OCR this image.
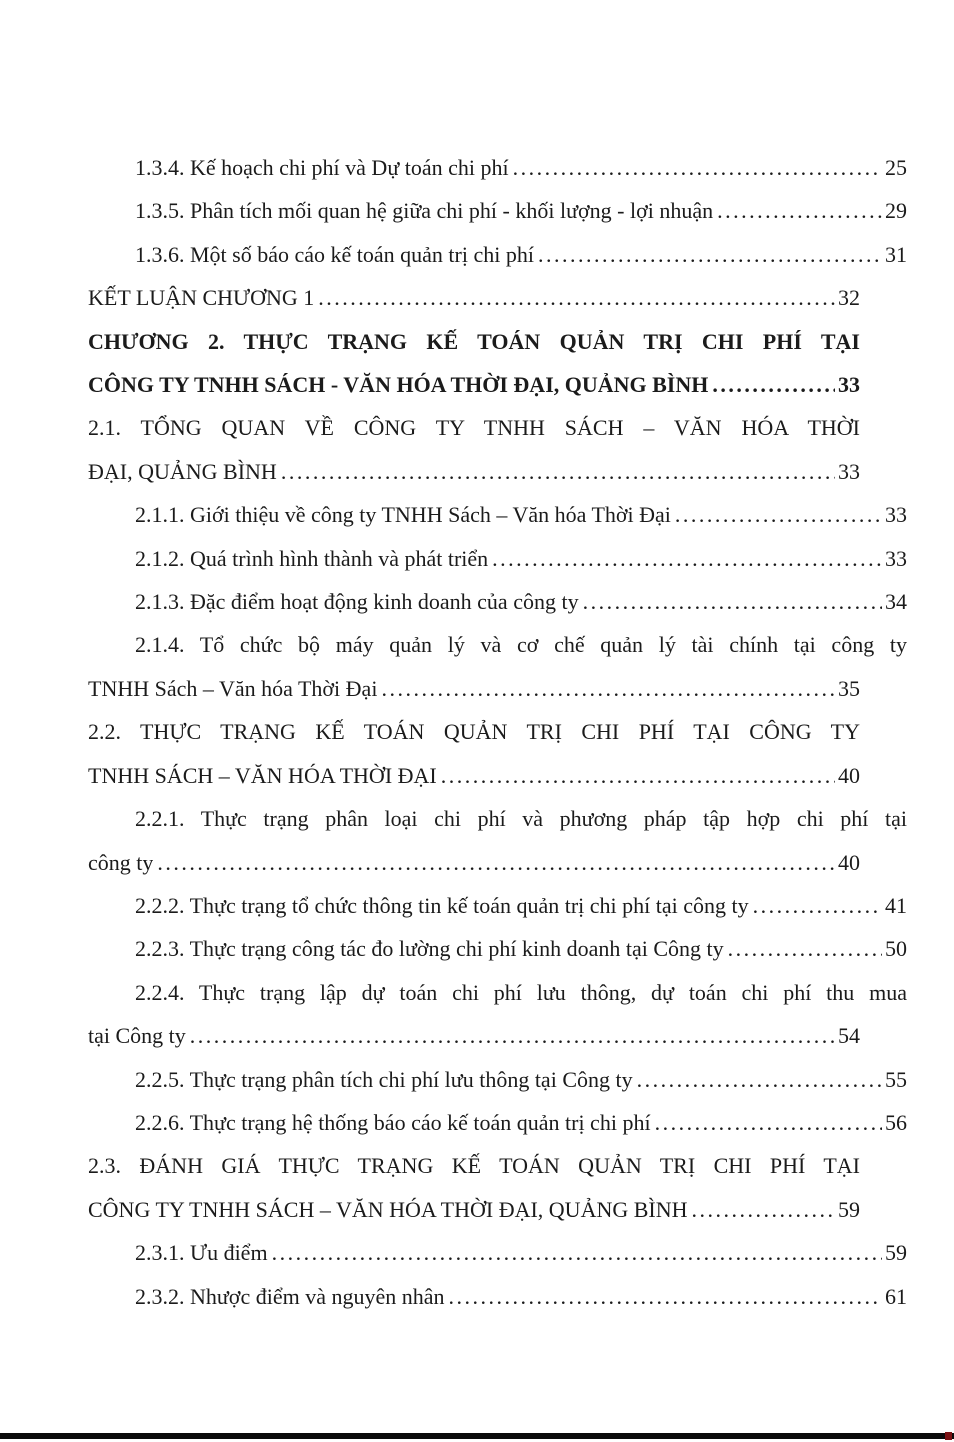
1.3.4. Kế hoạch chi phí và Dự toán chi phí .....	25
1.3.5. Phân tích mối quan hệ giữa chi phí - khối lượng - lợi nhuận .....	29
1.3.6. Một số báo cáo kế toán quản trị chi phí .....	31
KẾT LUẬN CHƯƠNG 1 .....	32
CHƯƠNG 2. THỰC TRẠNG KẾ TOÁN QUẢN TRỊ CHI PHÍ TẠI
CÔNG TY TNHH SÁCH - VĂN HÓA THỜI ĐẠI, QUẢNG BÌNH .....	33
2.1. TỔNG QUAN VỀ CÔNG TY TNHH SÁCH – VĂN HÓA THỜI
ĐẠI, QUẢNG BÌNH .....	33
2.1.1. Giới thiệu về công ty TNHH Sách – Văn hóa Thời Đại .....	33
2.1.2. Quá trình hình thành và phát triển .....	33
2.1.3. Đặc điểm hoạt động kinh doanh của công ty .....	34
2.1.4. Tổ chức bộ máy quản lý và cơ chế quản lý tài chính tại công ty
TNHH Sách – Văn hóa Thời Đại .....	35
2.2. THỰC TRẠNG KẾ TOÁN QUẢN TRỊ CHI PHÍ TẠI CÔNG TY
TNHH SÁCH – VĂN HÓA THỜI ĐẠI .....	40
2.2.1. Thực trạng phân loại chi phí và phương pháp tập hợp chi phí tại
công ty .....	40
2.2.2. Thực trạng tổ chức thông tin kế toán quản trị chi phí tại công ty .....	41
2.2.3. Thực trạng công tác đo lường chi phí kinh doanh tại Công ty .....	50
2.2.4. Thực trạng lập dự toán chi phí lưu thông, dự toán chi phí thu mua
tại Công ty .....	54
2.2.5. Thực trạng phân tích chi phí lưu thông tại Công ty .....	55
2.2.6. Thực trạng hệ thống báo cáo kế toán quản trị chi phí .....	56
2.3. ĐÁNH GIÁ THỰC TRẠNG KẾ TOÁN QUẢN TRỊ CHI PHÍ TẠI
CÔNG TY TNHH SÁCH – VĂN HÓA THỜI ĐẠI, QUẢNG BÌNH .....	59
2.3.1. Ưu điểm .....	59
2.3.2. Nhược điểm và nguyên nhân .....	61
